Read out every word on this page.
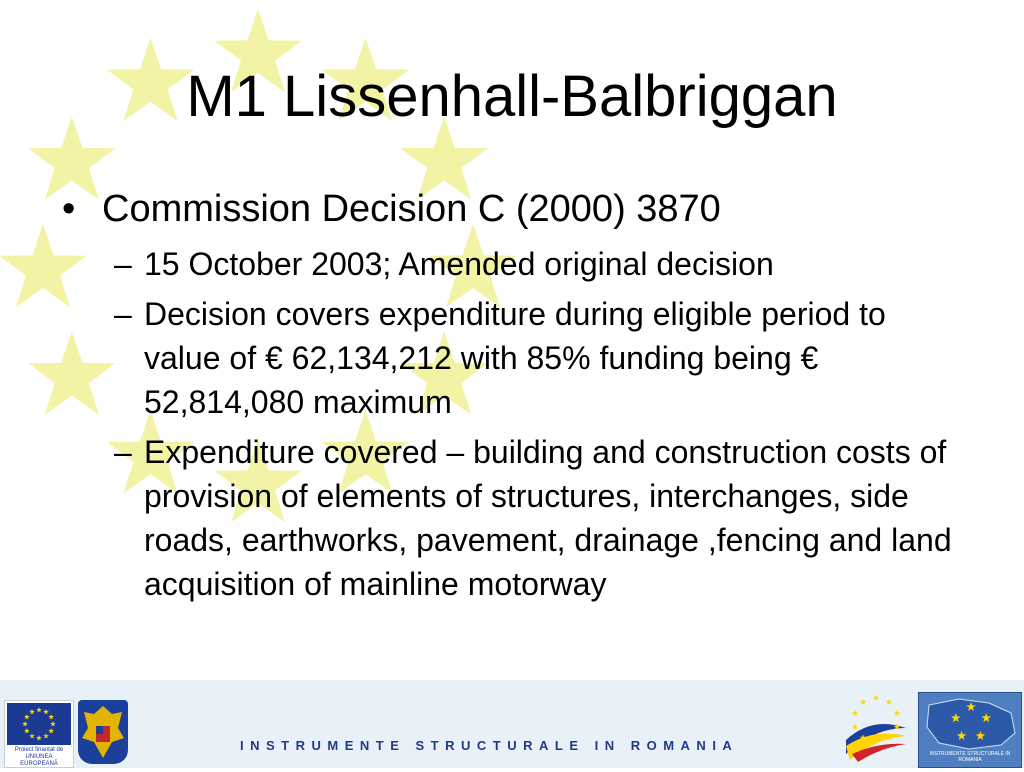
M1 Lissenhall-Balbriggan
• Commission Decision C (2000) 3870
– 15 October 2003; Amended original decision
– Decision covers expenditure during eligible period to value of € 62,134,212 with 85% funding being € 52,814,080 maximum
– Expenditure covered – building and construction costs of provision of elements of structures, interchanges, side roads, earthworks, pavement, drainage ,fencing and land acquisition of mainline motorway
Proiect finanțat de UNIUNEA EUROPEANĂ
INSTRUMENTE STRUCTURALE IN ROMANIA
INSTRUMENTE STRUCTURALE IN ROMANIA
